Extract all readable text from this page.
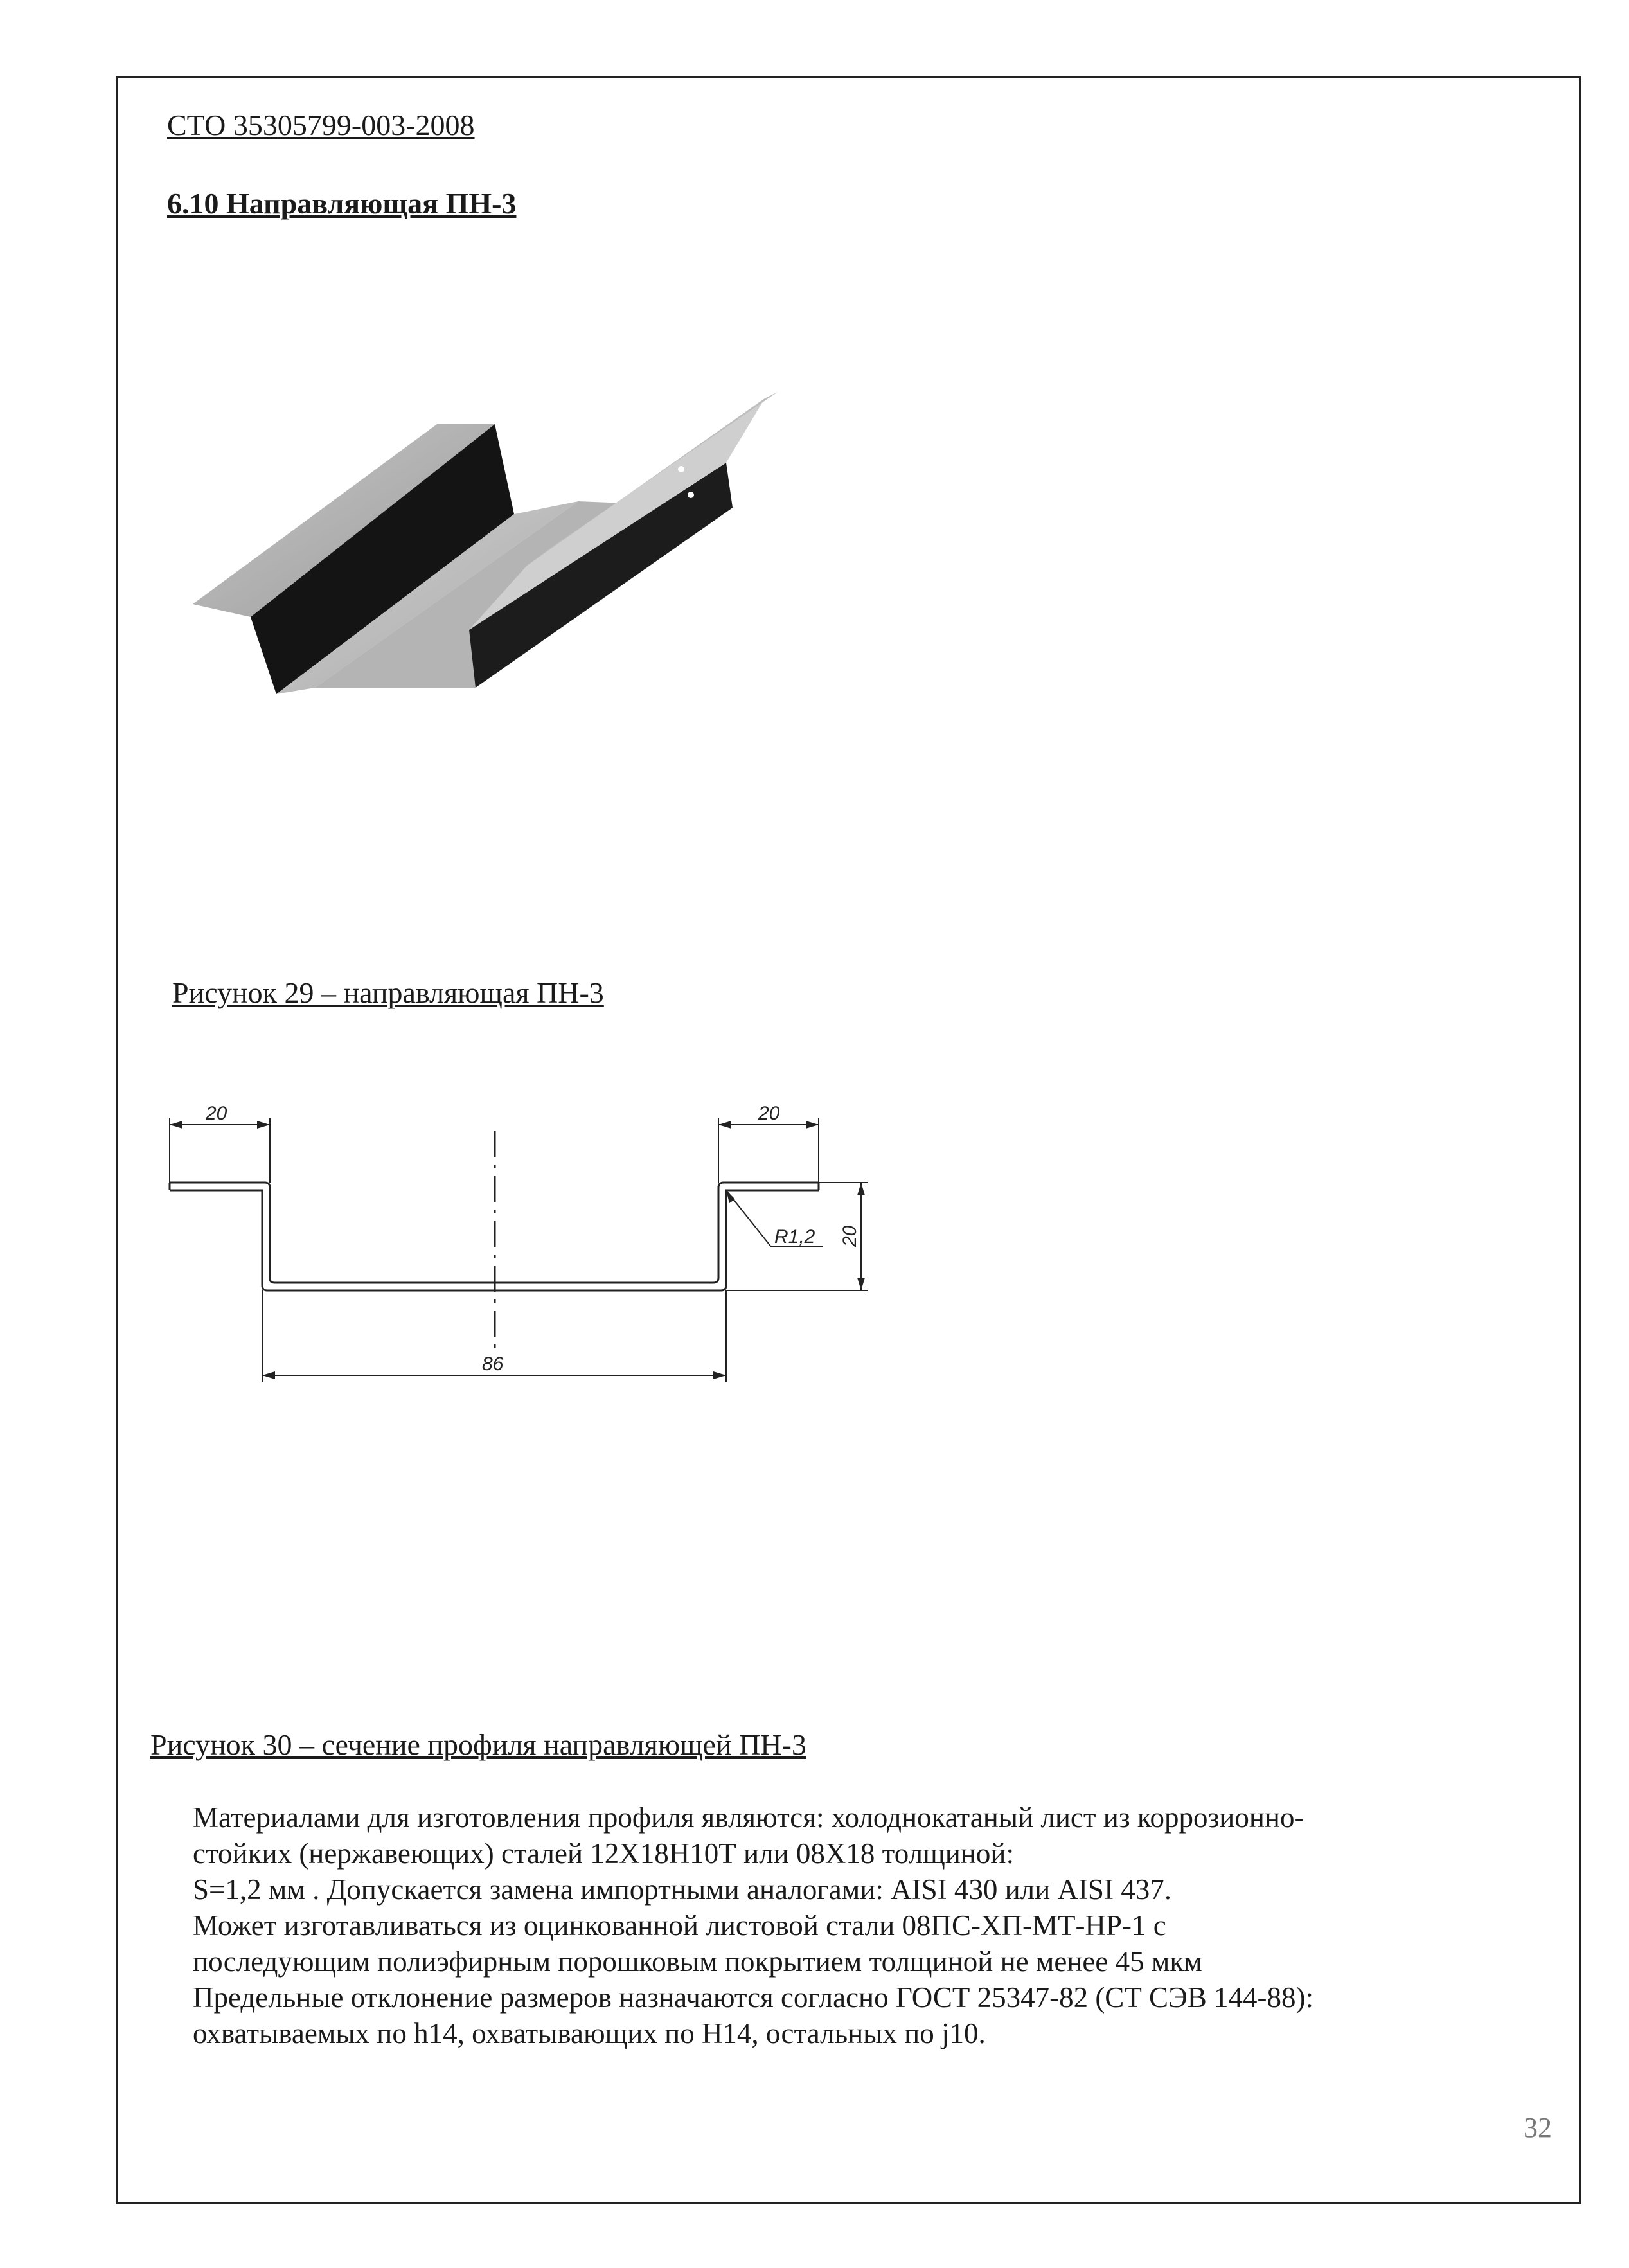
СТО 35305799-003-2008
6.10 Направляющая ПН-3
Рисунок 29 – направляющая ПН-3
20	20
R1,2
86
20
Рисунок 30 – сечение профиля направляющей ПН-3

Материалами для изготовления профиля являются: холоднокатаный лист из коррозионно-

стойких (нержавеющих) сталей 12Х18Н10Т или 08Х18 толщиной:

S=1,2 мм . Допускается замена импортными аналогами: AISI 430 или AISI 437.

Может изготавливаться из оцинкованной листовой стали 08ПС-ХП-МТ-НР-1 с

последующим полиэфирным порошковым покрытием толщиной не менее 45 мкм

Предельные отклонение размеров назначаются согласно ГОСТ 25347-82 (СТ СЭВ 144-88):

охватываемых по h14, охватывающих по Н14, остальных по j10.

32
